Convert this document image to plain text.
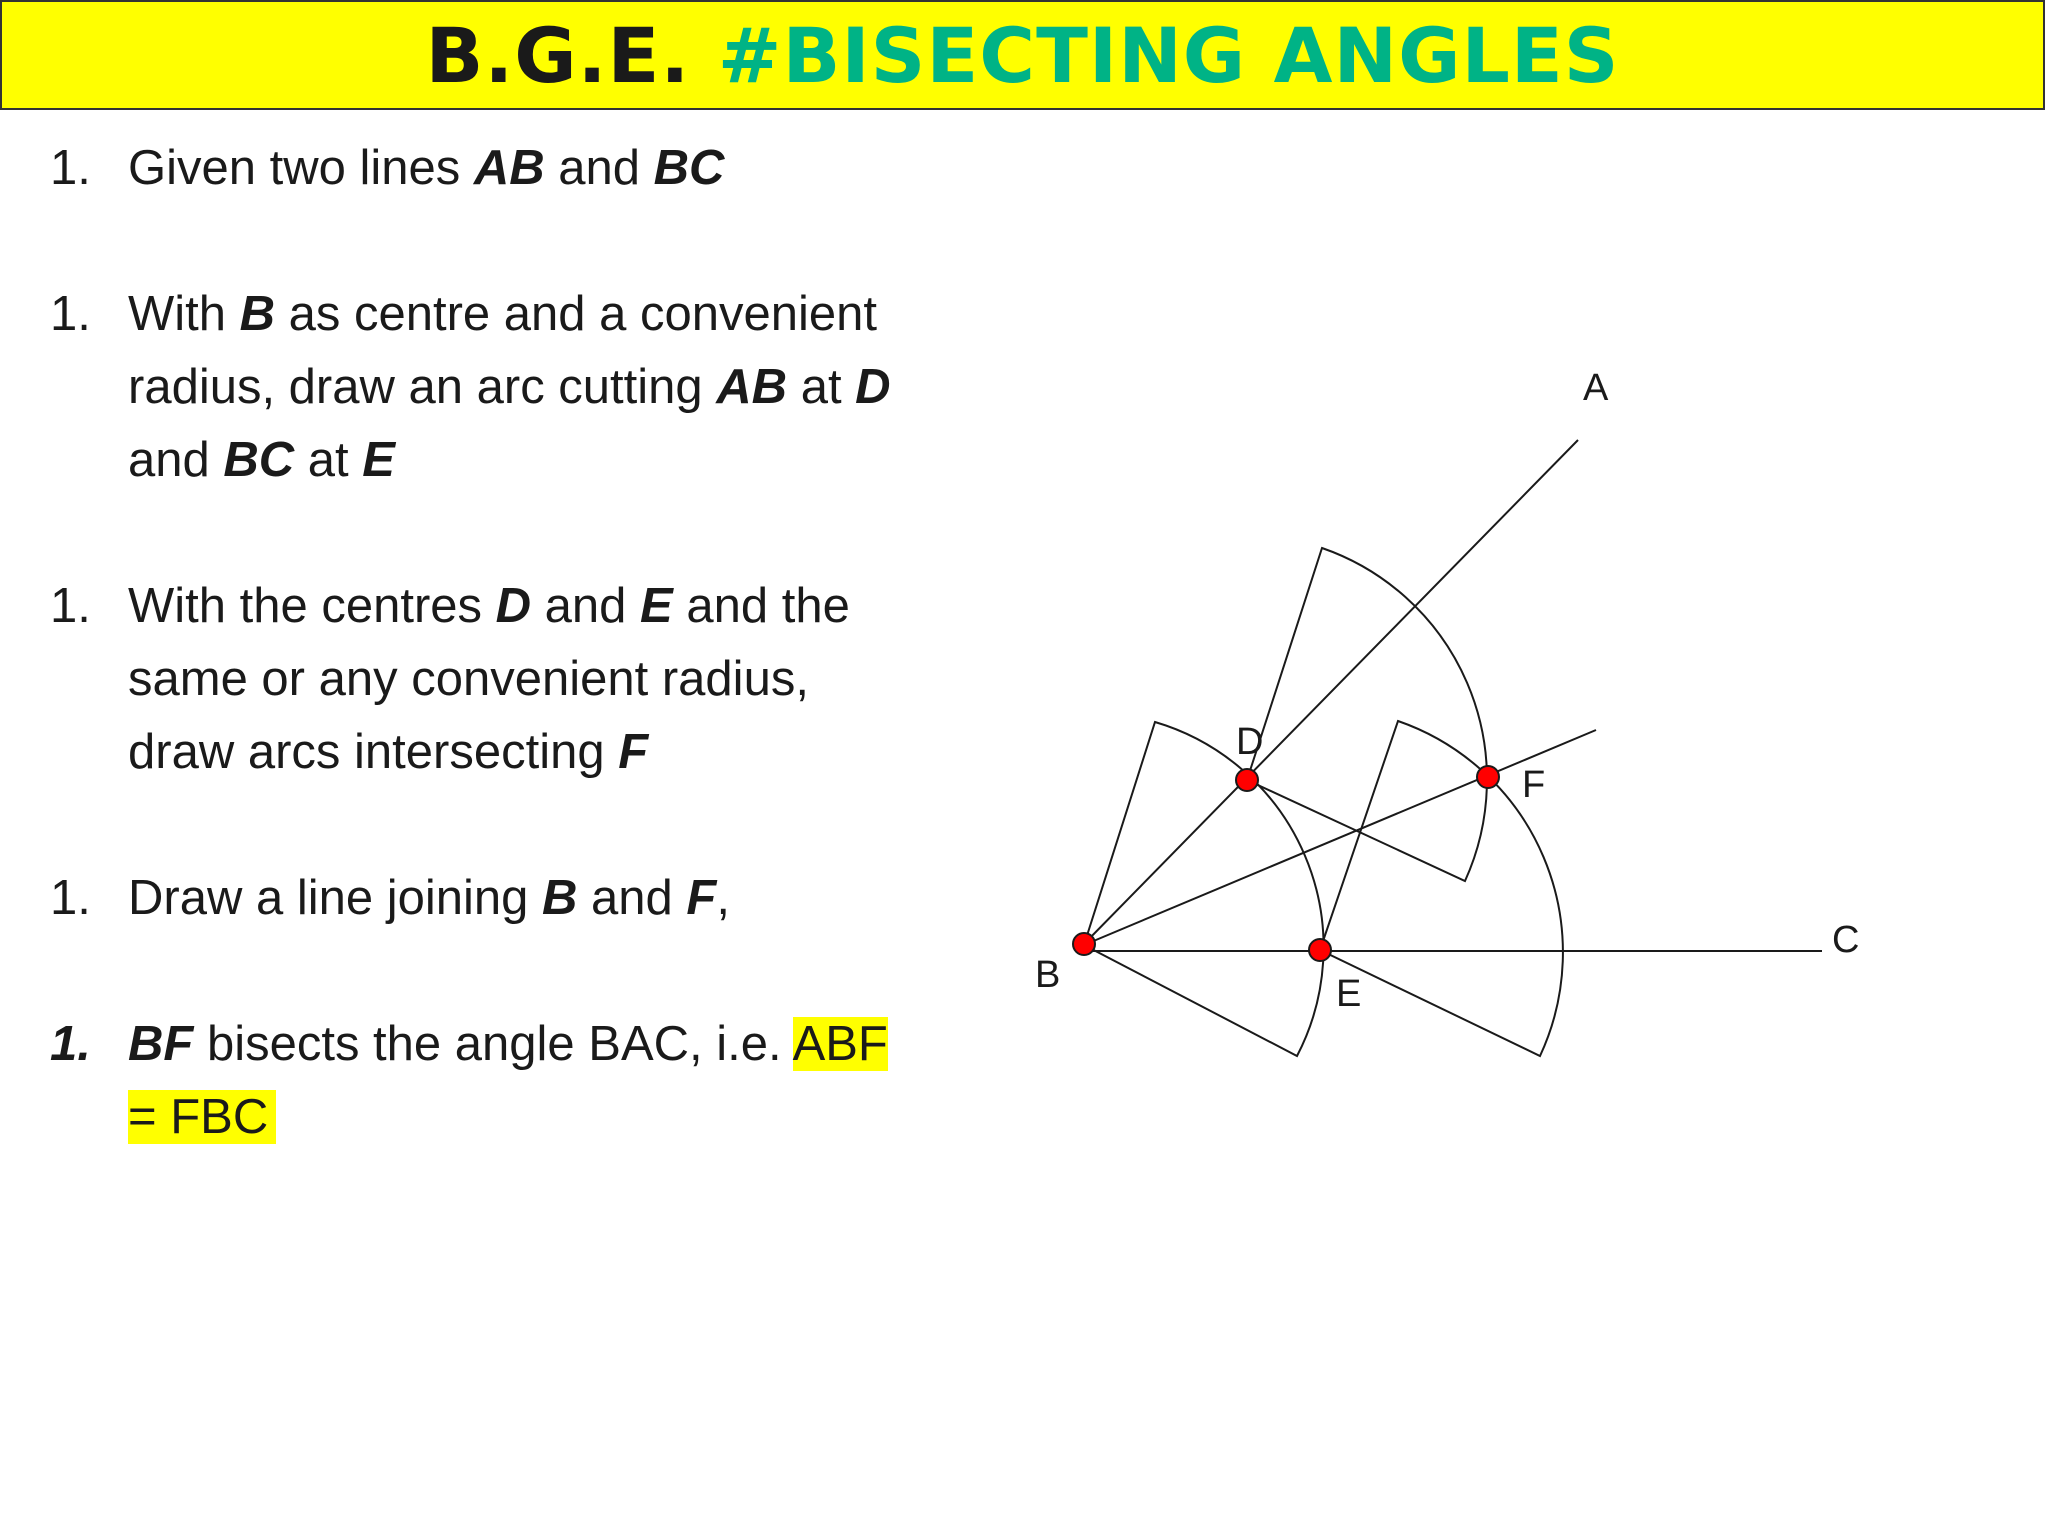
B.G.E. #BISECTING ANGLES
1. Given two lines AB and BC
1. With B as centre and a convenient radius, draw an arc cutting AB at D and BC at E
1. With the centres D and E and the same or any convenient radius, draw arcs intersecting F
1. Draw a line joining B and F,
1. BF bisects the angle BAC, i.e. ABF = FBC
A
B
C
D
E
F
